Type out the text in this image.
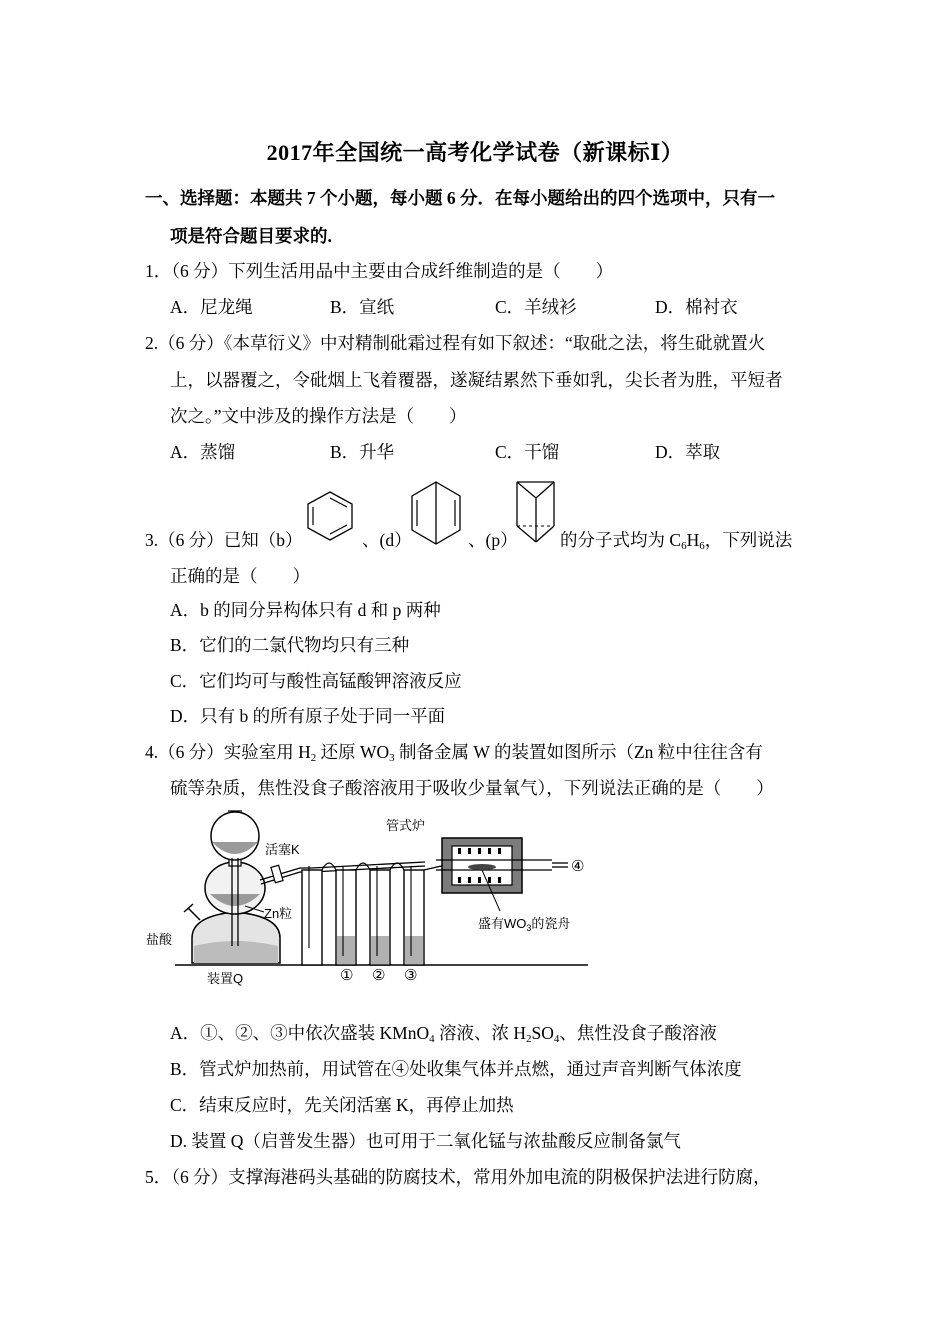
2017年全国统一高考化学试卷（新课标Ⅰ）
一、选择题：本题共 7 个小题，每小题 6 分．在每小题给出的四个选项中，只有一
项是符合题目要求的.
1．（6 分）下列生活用品中主要由合成纤维制造的是（　　）
A．尼龙绳	B．宣纸	C．羊绒衫	D．棉衬衣
2.（6 分）《本草衍义》中对精制砒霜过程有如下叙述：“取砒之法，将生砒就置火
上，以器覆之，令砒烟上飞着覆器，遂凝结累然下垂如乳，尖长者为胜，平短者
次之。”文中涉及的操作方法是（　　）
A．蒸馏	B．升华	C．干馏	D．萃取
3.（6 分）已知（b）	、(d）	、(p） 的分子式均为 $C_6H_6$，下列说法
正确的是（　　）
A．b 的同分异构体只有 d 和 p 两种
B．它们的二氯代物均只有三种
C．它们均可与酸性高锰酸钾溶液反应
D．只有 b 的所有原子处于同一平面
4.（6 分）实验室用 $H_2$ 还原 $WO_3$ 制备金属 W 的装置如图所示（Zn 粒中往往含有
硫等杂质，焦性没食子酸溶液用于吸收少量氧气），下列说法正确的是（　　）
管式炉
活塞K
Zn粒
盐酸
装置Q
盛有$WO_3$的瓷舟
① ② ③
④
A．①、②、③中依次盛装 KMnO$_4$ 溶液、浓 $H_2SO_4$、焦性没食子酸溶液
B．管式炉加热前，用试管在④处收集气体并点燃，通过声音判断气体浓度
C．结束反应时，先关闭活塞 K，再停止加热
D. 装置 Q（启普发生器）也可用于二氧化锰与浓盐酸反应制备氯气
5．（6 分）支撑海港码头基础的防腐技术，常用外加电流的阴极保护法进行防腐，
